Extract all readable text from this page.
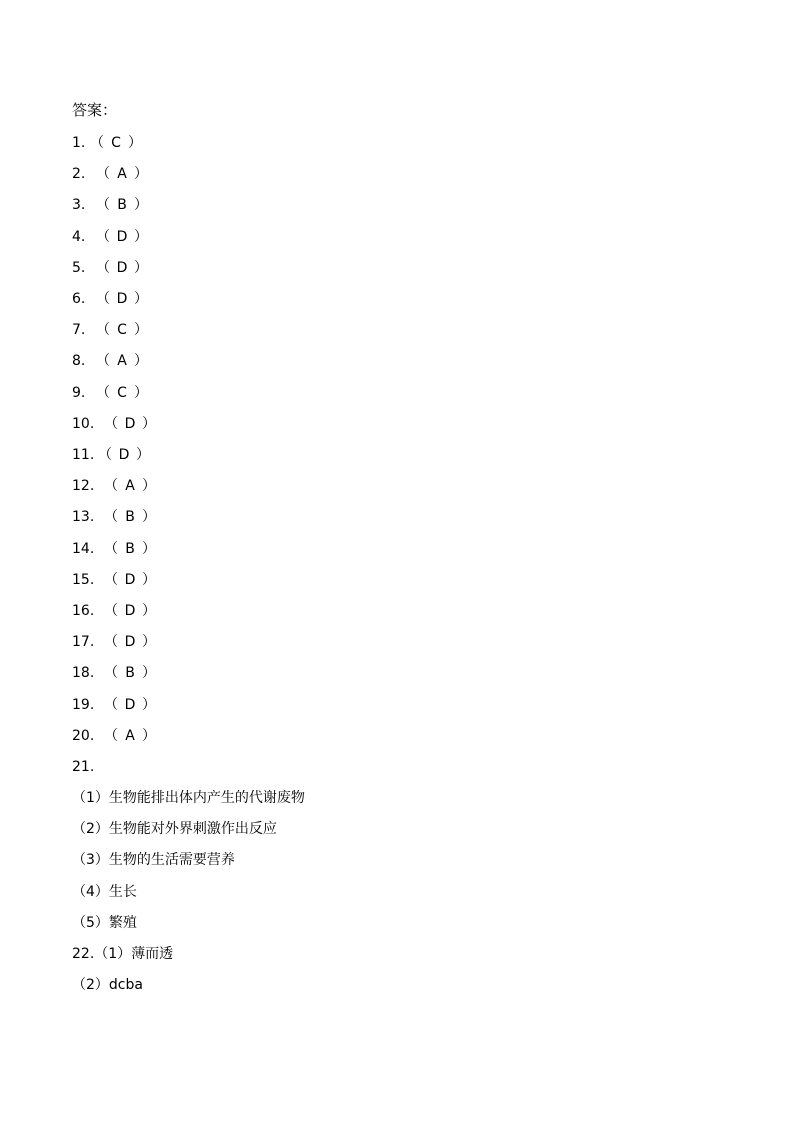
答案：
1. （ C ）
2. （ A ）
3. （ B ）
4. （ D ）
5. （ D ）
6. （ D ）
7. （ C ）
8. （ A ）
9. （ C ）
10. （ D ）
11. （ D ）
12. （ A ）
13. （ B ）
14. （ B ）
15. （ D ）
16. （ D ）
17. （ D ）
18. （ B ）
19. （ D ）
20. （ A ）
21.
（1）生物能排出体内产生的代谢废物
（2）生物能对外界刺激作出反应
（3）生物的生活需要营养
（4）生长
（5）繁殖
22.（1）薄而透
（2）dcba
